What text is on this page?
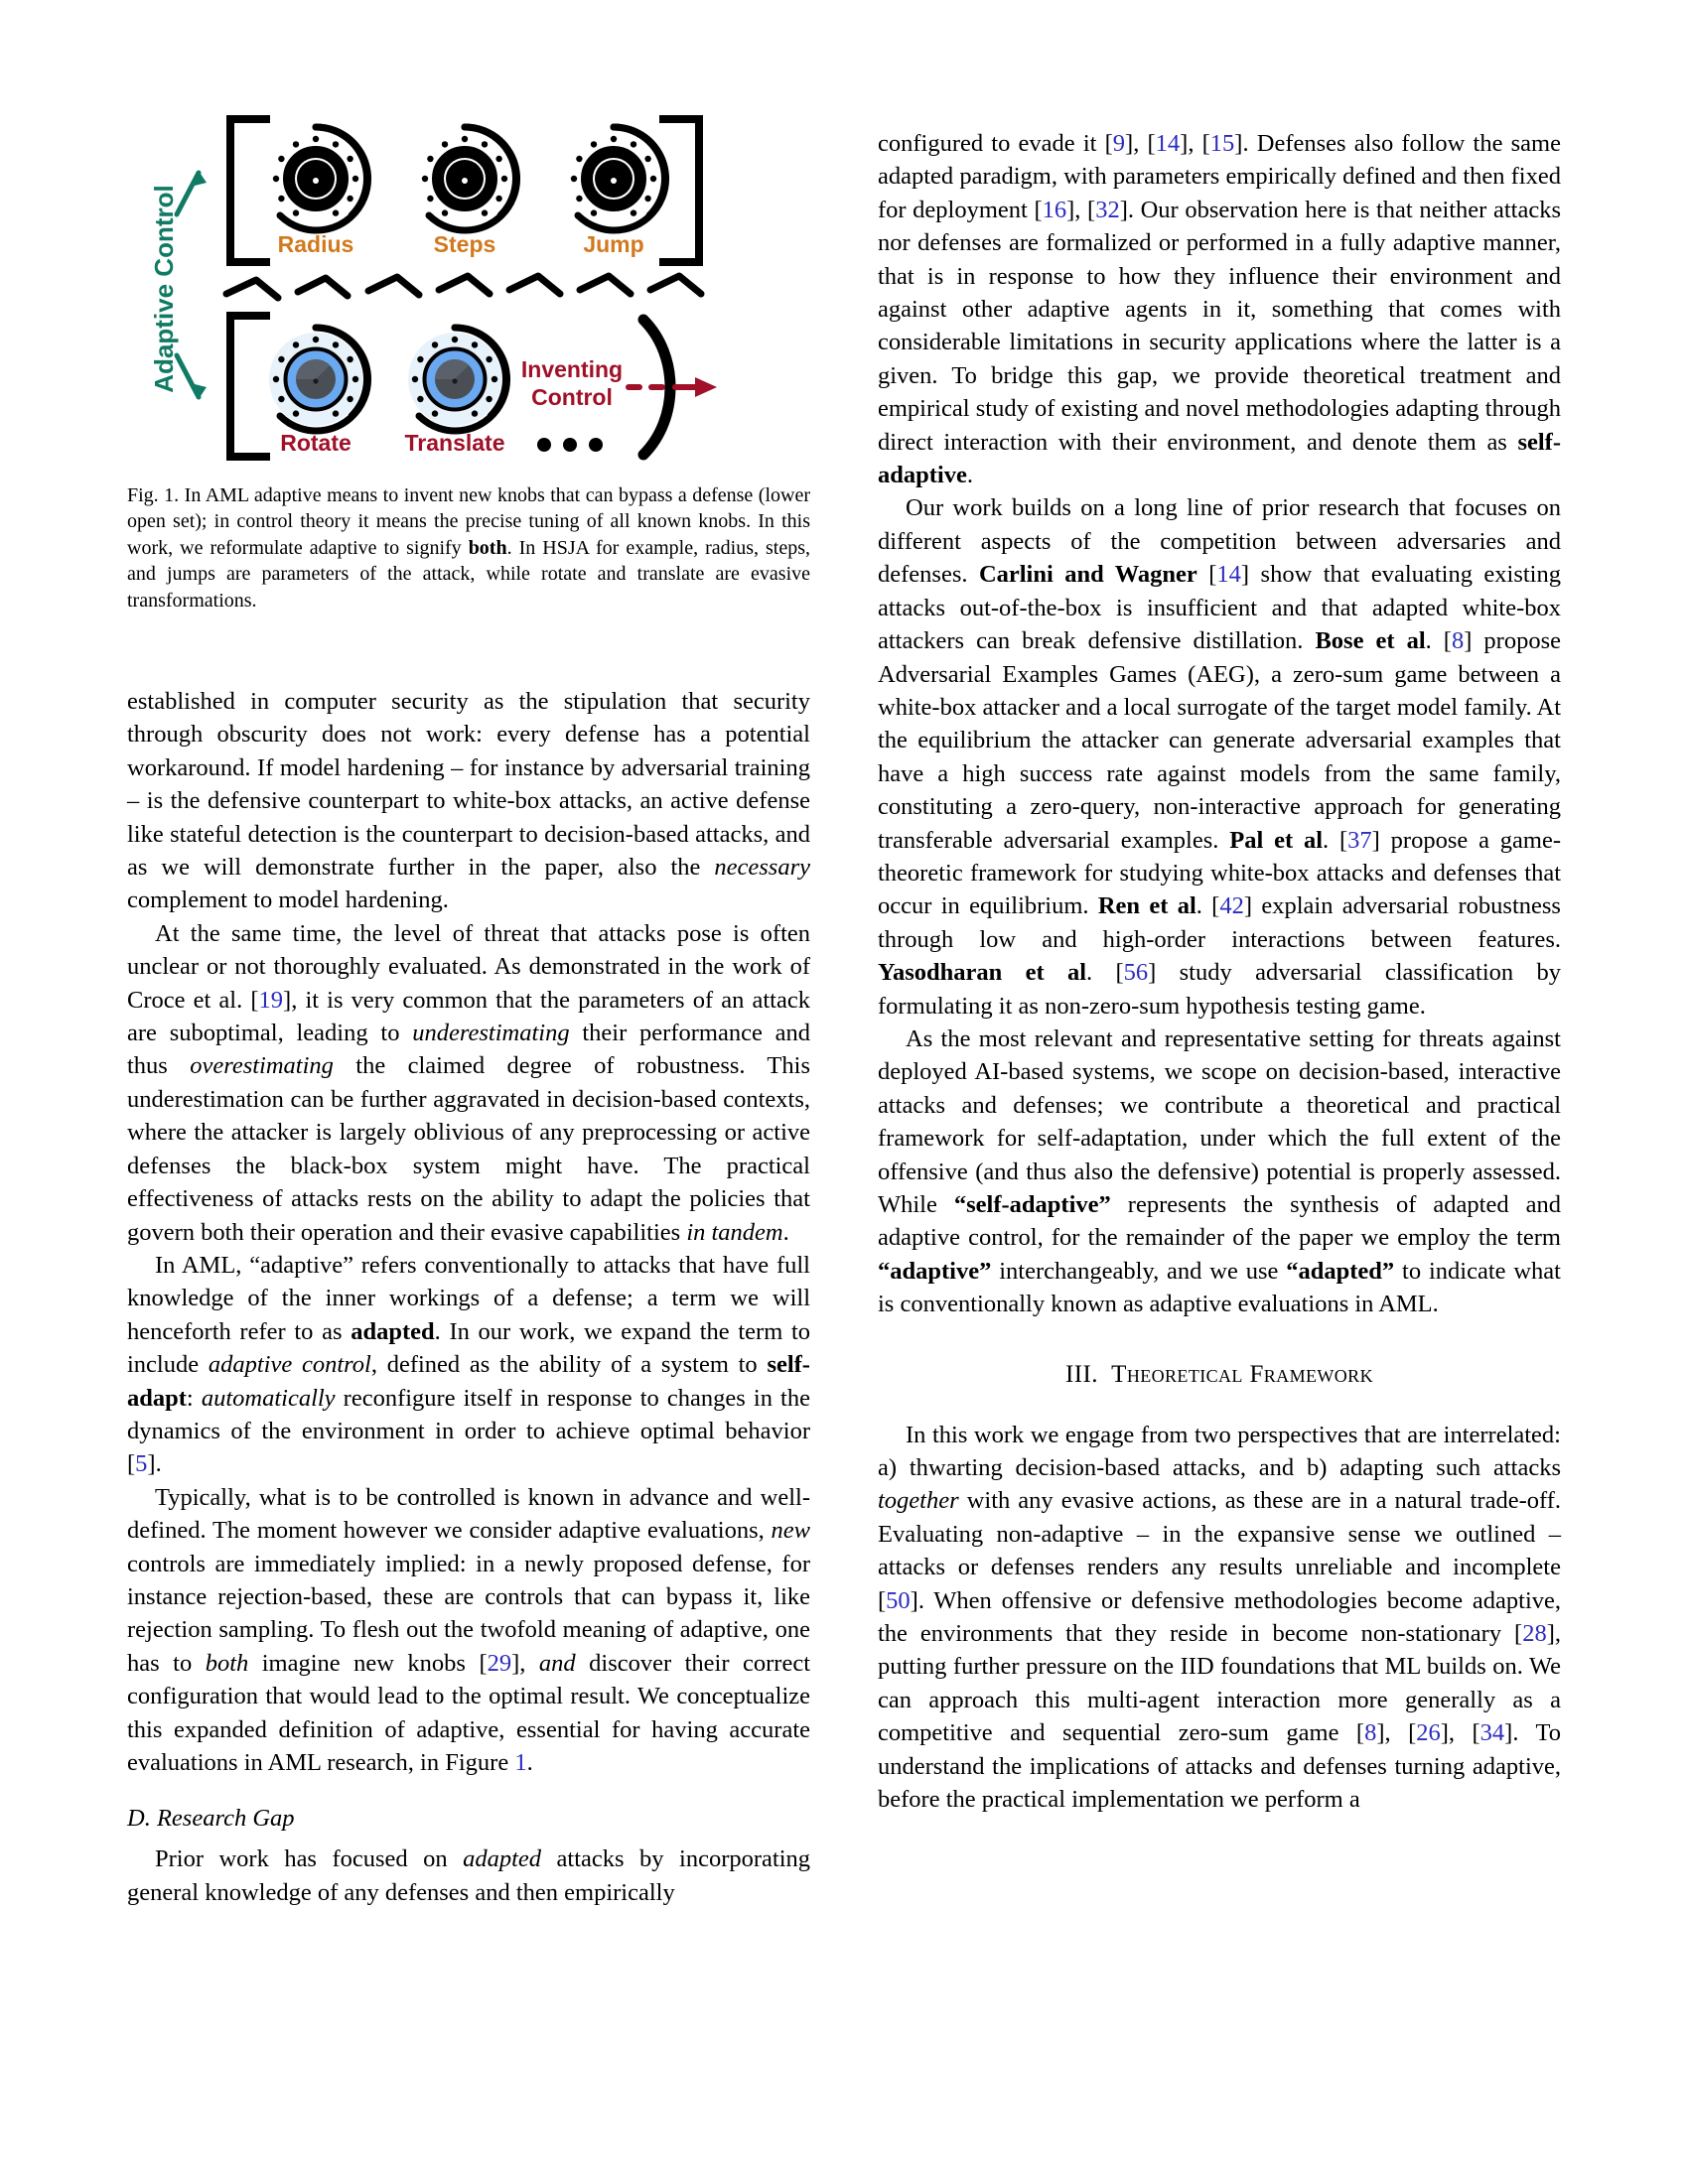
Adaptive Control	Radius	Steps	Jump
Rotate Translate
Inventing
Control
Fig. 1. In AML adaptive means to invent new knobs that can bypass a defense (lower open set); in control theory it means the precise tuning of all known knobs. In this work, we reformulate adaptive to signify both. In HSJA for example, radius, steps, and jumps are parameters of the attack, while rotate and translate are evasive transformations.

established in computer security as the stipulation that security through obscurity does not work: every defense has a potential workaround. If model hardening – for instance by adversarial training – is the defensive counterpart to white-box attacks, an active defense like stateful detection is the counterpart to decision-based attacks, and as we will demonstrate further in the paper, also the necessary complement to model hardening.

At the same time, the level of threat that attacks pose is often unclear or not thoroughly evaluated. As demonstrated in the work of Croce et al. [19], it is very common that the parameters of an attack are suboptimal, leading to underestimating their performance and thus overestimating the claimed degree of robustness. This underestimation can be further aggravated in decision-based contexts, where the attacker is largely oblivious of any preprocessing or active defenses the black-box system might have. The practical effectiveness of attacks rests on the ability to adapt the policies that govern both their operation and their evasive capabilities in tandem.

In AML, “adaptive” refers conventionally to attacks that have full knowledge of the inner workings of a defense; a term we will henceforth refer to as adapted. In our work, we expand the term to include adaptive control, defined as the ability of a system to self-adapt: automatically reconfigure itself in response to changes in the dynamics of the environment in order to achieve optimal behavior [5].

Typically, what is to be controlled is known in advance and well-defined. The moment however we consider adaptive evaluations, new controls are immediately implied: in a newly proposed defense, for instance rejection-based, these are controls that can bypass it, like rejection sampling. To flesh out the twofold meaning of adaptive, one has to both imagine new knobs [29], and discover their correct configuration that would lead to the optimal result. We conceptualize this expanded definition of adaptive, essential for having accurate evaluations in AML research, in Figure 1.

D. Research Gap

Prior work has focused on adapted attacks by incorporating general knowledge of any defenses and then empirically

configured to evade it [9], [14], [15]. Defenses also follow the same adapted paradigm, with parameters empirically defined and then fixed for deployment [16], [32]. Our observation here is that neither attacks nor defenses are formalized or performed in a fully adaptive manner, that is in response to how they influence their environment and against other adaptive agents in it, something that comes with considerable limitations in security applications where the latter is a given. To bridge this gap, we provide theoretical treatment and empirical study of existing and novel methodologies adapting through direct interaction with their environment, and denote them as self-adaptive.

Our work builds on a long line of prior research that focuses on different aspects of the competition between adversaries and defenses. Carlini and Wagner [14] show that evaluating existing attacks out-of-the-box is insufficient and that adapted white-box attackers can break defensive distillation. Bose et al. [8] propose Adversarial Examples Games (AEG), a zero-sum game between a white-box attacker and a local surrogate of the target model family. At the equilibrium the attacker can generate adversarial examples that have a high success rate against models from the same family, constituting a zero-query, non-interactive approach for generating transferable adversarial examples. Pal et al. [37] propose a game-theoretic framework for studying white-box attacks and defenses that occur in equilibrium. Ren et al. [42] explain adversarial robustness through low and high-order interactions between features. Yasodharan et al. [56] study adversarial classification by formulating it as non-zero-sum hypothesis testing game.

As the most relevant and representative setting for threats against deployed AI-based systems, we scope on decision-based, interactive attacks and defenses; we contribute a theoretical and practical framework for self-adaptation, under which the full extent of the offensive (and thus also the defensive) potential is properly assessed. While “self-adaptive” represents the synthesis of adapted and adaptive control, for the remainder of the paper we employ the term “adaptive” interchangeably, and we use “adapted” to indicate what is conventionally known as adaptive evaluations in AML.

III. Theoretical Framework

In this work we engage from two perspectives that are interrelated: a) thwarting decision-based attacks, and b) adapting such attacks together with any evasive actions, as these are in a natural trade-off. Evaluating non-adaptive – in the expansive sense we outlined – attacks or defenses renders any results unreliable and incomplete [50]. When offensive or defensive methodologies become adaptive, the environments that they reside in become non-stationary [28], putting further pressure on the IID foundations that ML builds on. We can approach this multi-agent interaction more generally as a competitive and sequential zero-sum game [8], [26], [34]. To understand the implications of attacks and defenses turning adaptive, before the practical implementation we perform a
